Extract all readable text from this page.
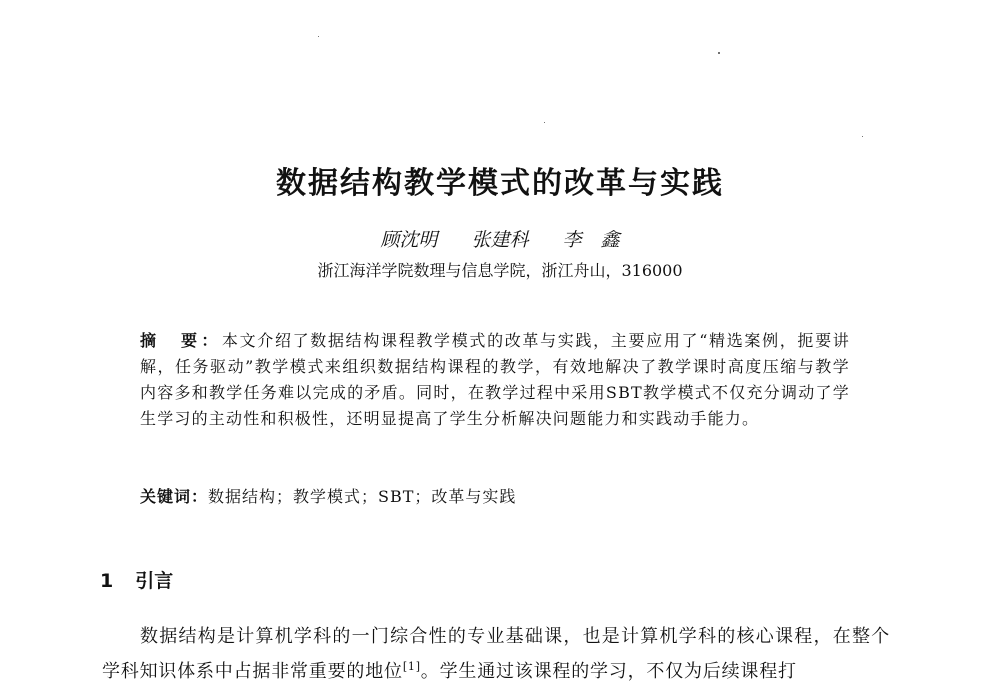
数据结构教学模式的改革与实践

顾沈明 张建科 李　鑫

浙江海洋学院数理与信息学院，浙江舟山，316000

摘　要：本文介绍了数据结构课程教学模式的改革与实践，主要应用了“精选案例，扼要讲解，任务驱动”教学模式来组织数据结构课程的教学，有效地解决了教学课时高度压缩与教学内容多和教学任务难以完成的矛盾。同时，在教学过程中采用SBT教学模式不仅充分调动了学生学习的主动性和积极性，还明显提高了学生分析解决问题能力和实践动手能力。

关键词：数据结构；教学模式；SBT；改革与实践

1 引言

数据结构是计算机学科的一门综合性的专业基础课，也是计算机学科的核心课程，在整个学科知识体系中占据非常重要的地位[1]。学生通过该课程的学习，不仅为后续课程打
